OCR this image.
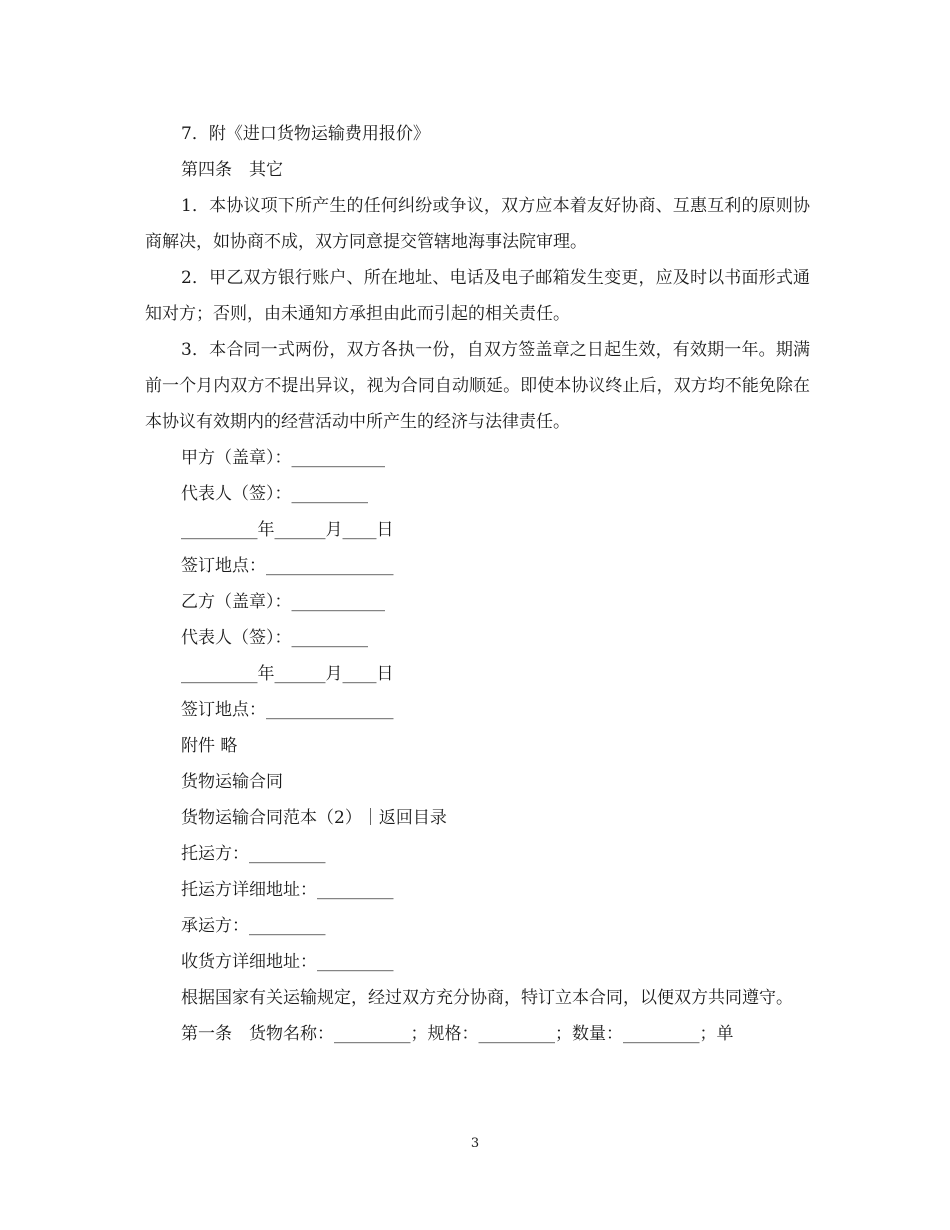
7．附《进口货物运输费用报价》

第四条　其它

1．本协议项下所产生的任何纠纷或争议，双方应本着友好协商、互惠互利的原则协商解决，如协商不成，双方同意提交管辖地海事法院审理。

2．甲乙双方银行账户、所在地址、电话及电子邮箱发生变更，应及时以书面形式通知对方；否则，由未通知方承担由此而引起的相关责任。

3．本合同一式两份，双方各执一份，自双方签盖章之日起生效，有效期一年。期满前一个月内双方不提出异议，视为合同自动顺延。即使本协议终止后，双方均不能免除在本协议有效期内的经营活动中所产生的经济与法律责任。

甲方（盖章）：___________

代表人（签）：_________

_________年______月____日

签订地点：_______________

乙方（盖章）：___________

代表人（签）：_________

_________年______月____日

签订地点：_______________

附件 略

货物运输合同

货物运输合同范本（2）｜返回目录

托运方：_________

托运方详细地址：_________

承运方：_________

收货方详细地址：_________

根据国家有关运输规定，经过双方充分协商，特订立本合同，以便双方共同遵守。

第一条　货物名称：_________；规格：_________；数量：_________；单

3
